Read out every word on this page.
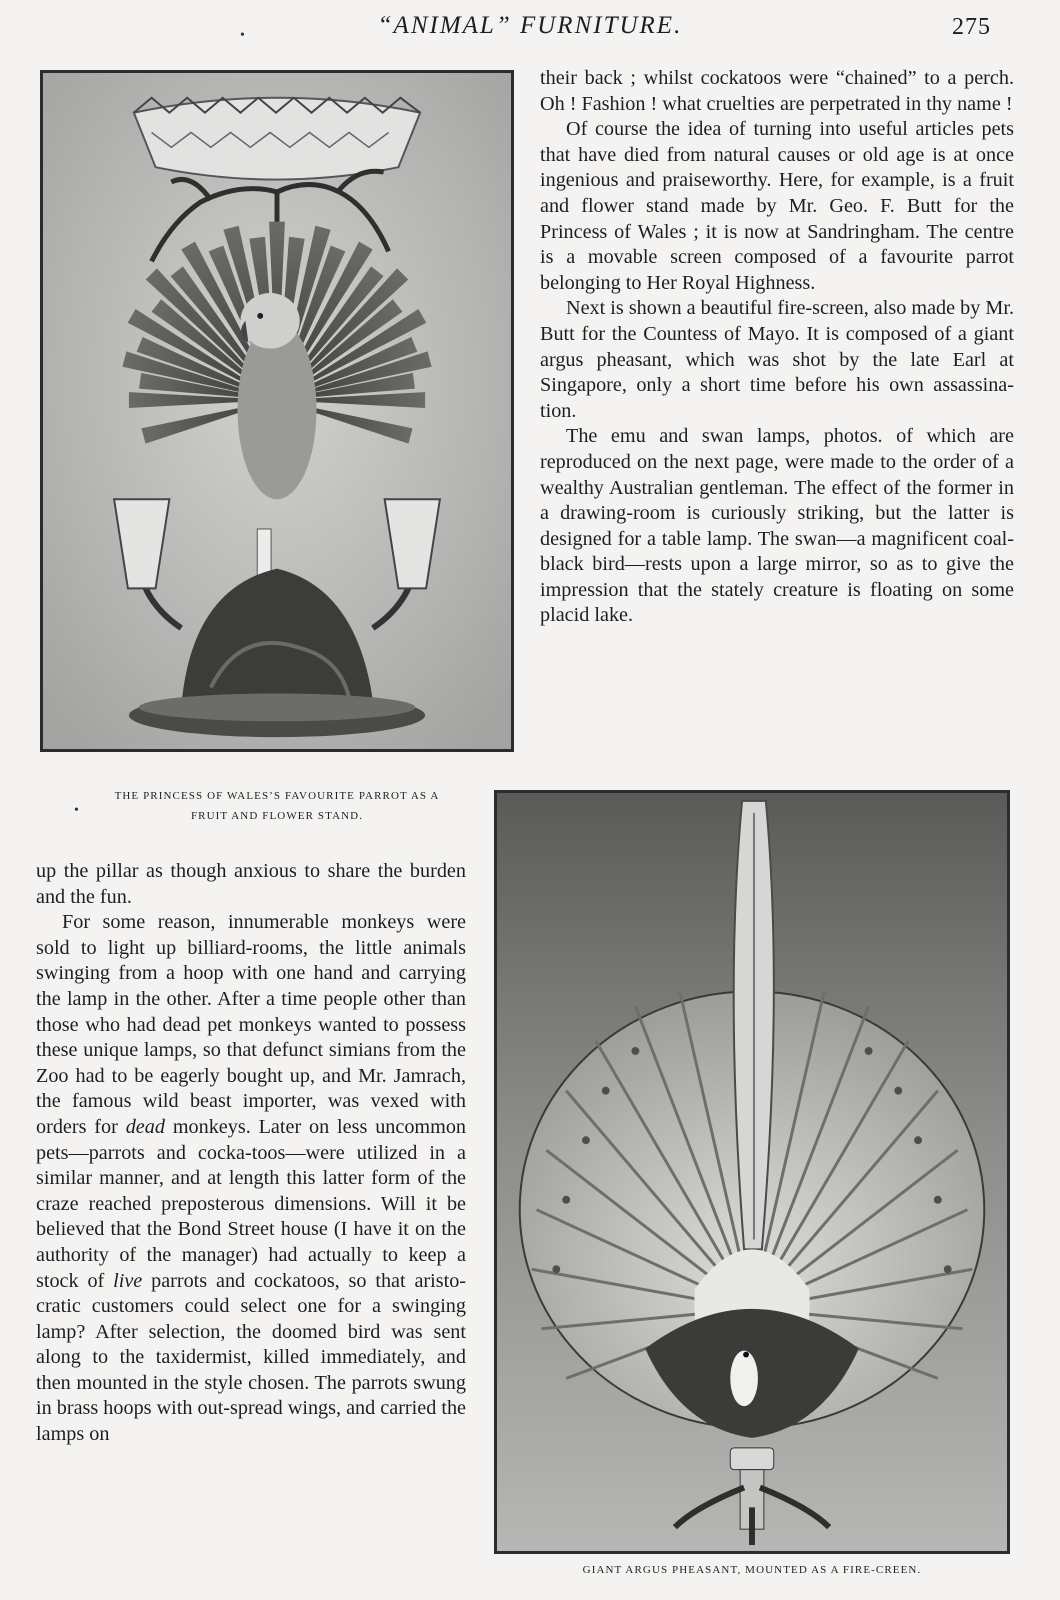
“ANIMAL” FURNITURE.	275
•
THE PRINCESS OF WALES’S FAVOURITE PARROT AS A
FRUIT AND FLOWER STAND.
•

their back ; whilst cockatoos were “chained” to a perch. Oh ! Fashion ! what cruelties are perpetrated in thy name !

Of course the idea of turning into useful articles pets that have died from natural causes or old age is at once ingenious and praiseworthy. Here, for example, is a fruit and flower stand made by Mr. Geo. F. Butt for the Princess of Wales ; it is now at Sandringham. The centre is a movable screen composed of a favourite parrot belonging to Her Royal Highness.

Next is shown a beautiful fire-screen, also made by Mr. Butt for the Countess of Mayo. It is composed of a giant argus pheasant, which was shot by the late Earl at Singapore, only a short time before his own assassina-tion.

The emu and swan lamps, photos. of which are reproduced on the next page, were made to the order of a wealthy Australian gentleman. The effect of the former in a drawing-room is curiously striking, but the latter is designed for a table lamp. The swan—a magnificent coal-black bird—rests upon a large mirror, so as to give the impression that the stately creature is floating on some placid lake.

GIANT ARGUS PHEASANT, MOUNTED AS A FIRE-CREEN.

up the pillar as though anxious to share the burden and the fun.

For some reason, innumerable monkeys were sold to light up billiard-rooms, the little animals swinging from a hoop with one hand and carrying the lamp in the other. After a time people other than those who had dead pet monkeys wanted to possess these unique lamps, so that defunct simians from the Zoo had to be eagerly bought up, and Mr. Jamrach, the famous wild beast importer, was vexed with orders for dead monkeys. Later on less uncommon pets—parrots and cocka-toos—were utilized in a similar manner, and at length this latter form of the craze reached preposterous dimensions. Will it be believed that the Bond Street house (I have it on the authority of the manager) had actually to keep a stock of live parrots and cockatoos, so that aristo-cratic customers could select one for a swinging lamp? After selection, the doomed bird was sent along to the taxidermist, killed immediately, and then mounted in the style chosen. The parrots swung in brass hoops with out-spread wings, and carried the lamps on
